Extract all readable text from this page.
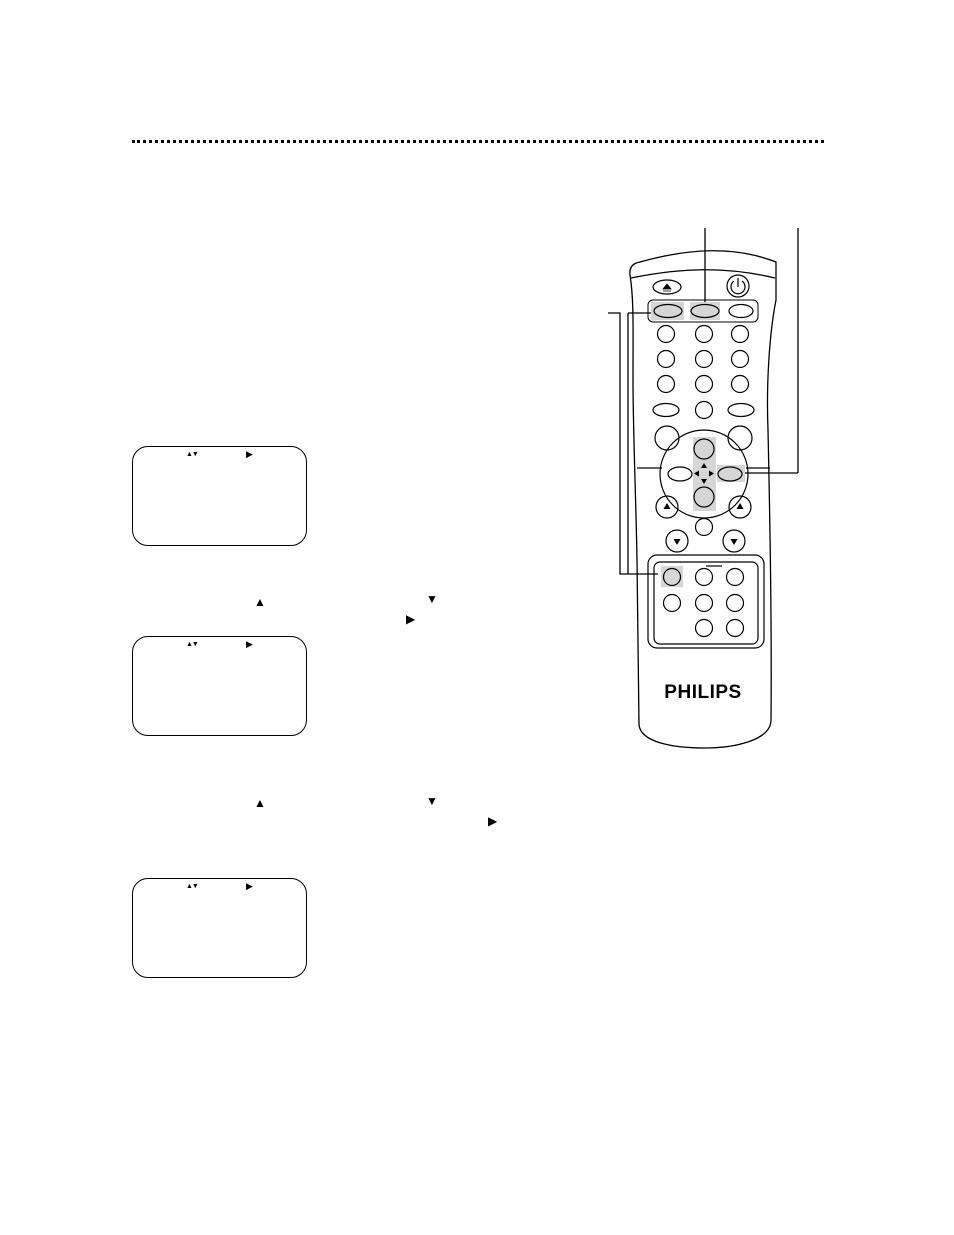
▲	▼
▶
▲	▼
▶
▲▼	▶
▲▼	▶
▲▼	▶
PHILIPS
